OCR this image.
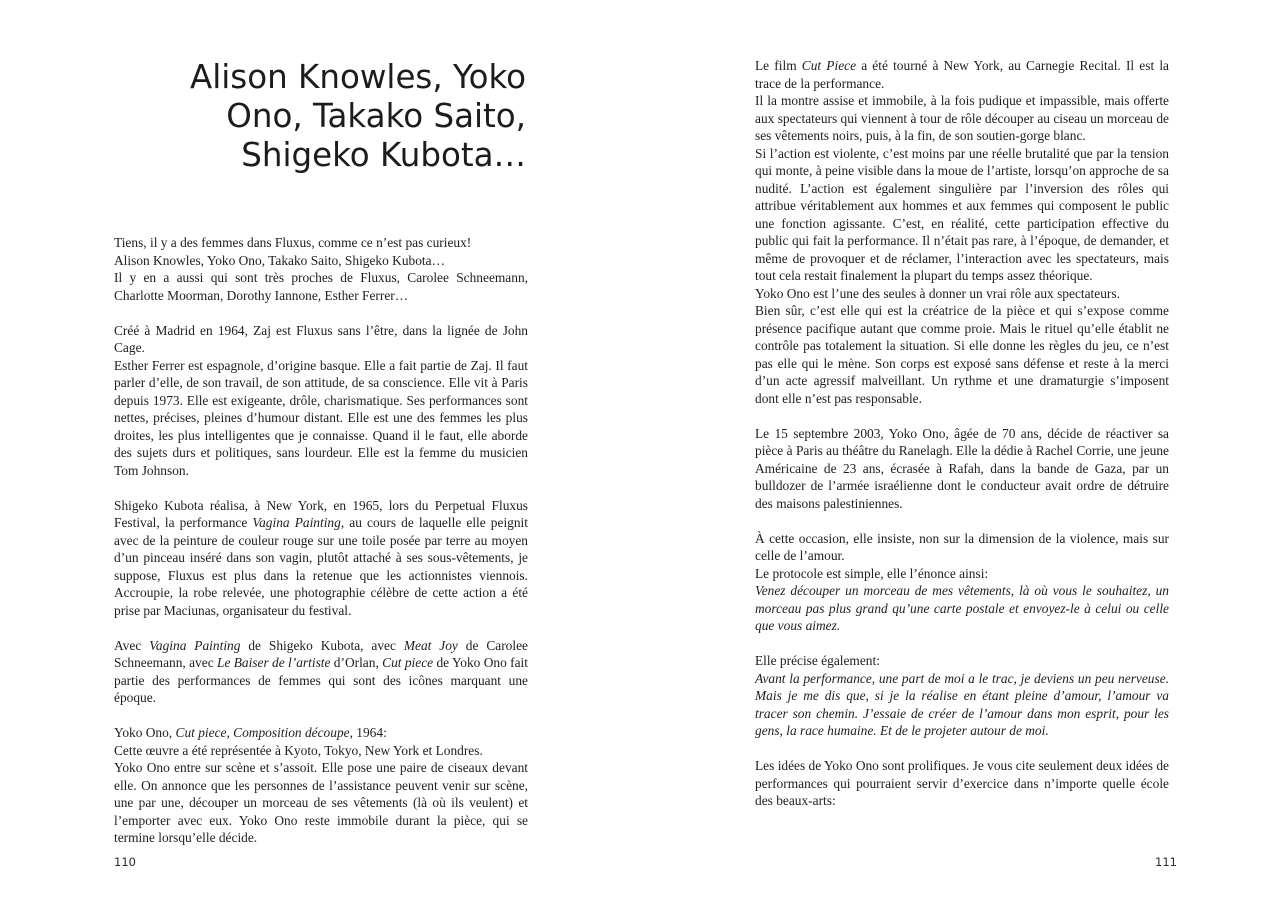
Alison Knowles, Yoko
Ono, Takako Saito,
Shigeko Kubota…

Tiens, il y a des femmes dans Fluxus, comme ce n’est pas curieux!
Alison Knowles, Yoko Ono, Takako Saito, Shigeko Kubota…
Il y en a aussi qui sont très proches de Fluxus, Carolee Schneemann, Charlotte Moorman, Dorothy Iannone, Esther Ferrer…

Créé à Madrid en 1964, Zaj est Fluxus sans l’être, dans la lignée de John Cage.
Esther Ferrer est espagnole, d’origine basque. Elle a fait partie de Zaj. Il faut parler d’elle, de son travail, de son attitude, de sa conscience. Elle vit à Paris depuis 1973. Elle est exigeante, drôle, charismatique. Ses performances sont nettes, précises, pleines d’humour distant. Elle est une des femmes les plus droites, les plus intelligentes que je connaisse. Quand il le faut, elle aborde des sujets durs et politiques, sans lourdeur. Elle est la femme du musicien Tom Johnson.

Shigeko Kubota réalisa, à New York, en 1965, lors du Perpetual Fluxus Festival, la performance Vagina Painting, au cours de laquelle elle peignit avec de la peinture de couleur rouge sur une toile posée par terre au moyen d’un pinceau inséré dans son vagin, plutôt attaché à ses sous-vêtements, je suppose, Fluxus est plus dans la retenue que les actionnistes viennois. Accroupie, la robe relevée, une photographie célèbre de cette action a été prise par Maciunas, organisateur du festival.

Avec Vagina Painting de Shigeko Kubota, avec Meat Joy de Carolee Schneemann, avec Le Baiser de l’artiste d’Orlan, Cut piece de Yoko Ono fait partie des performances de femmes qui sont des icônes marquant une époque.

Yoko Ono, Cut piece, Composition découpe, 1964:
Cette œuvre a été représentée à Kyoto, Tokyo, New York et Londres.
Yoko Ono entre sur scène et s’assoit. Elle pose une paire de ciseaux devant elle. On annonce que les personnes de l’assistance peuvent venir sur scène, une par une, découper un morceau de ses vêtements (là où ils veulent) et l’emporter avec eux. Yoko Ono reste immobile durant la pièce, qui se termine lorsqu’elle décide.

110

Le film Cut Piece a été tourné à New York, au Carnegie Recital. Il est la trace de la performance.
Il la montre assise et immobile, à la fois pudique et impassible, mais offerte aux spectateurs qui viennent à tour de rôle découper au ciseau un morceau de ses vêtements noirs, puis, à la fin, de son soutien-gorge blanc.
Si l’action est violente, c’est moins par une réelle brutalité que par la tension qui monte, à peine visible dans la moue de l’artiste, lorsqu’on approche de sa nudité. L’action est également singulière par l’inversion des rôles qui attribue véritablement aux hommes et aux femmes qui composent le public une fonction agissante. C’est, en réalité, cette participation effective du public qui fait la performance. Il n’était pas rare, à l’époque, de demander, et même de provoquer et de réclamer, l’interaction avec les spectateurs, mais tout cela restait finalement la plupart du temps assez théorique.
Yoko Ono est l’une des seules à donner un vrai rôle aux spectateurs.
Bien sûr, c’est elle qui est la créatrice de la pièce et qui s’expose comme présence pacifique autant que comme proie. Mais le rituel qu’elle établit ne contrôle pas totalement la situation. Si elle donne les règles du jeu, ce n’est pas elle qui le mène. Son corps est exposé sans défense et reste à la merci d’un acte agressif malveillant. Un rythme et une dramaturgie s’imposent dont elle n’est pas responsable.

Le 15 septembre 2003, Yoko Ono, âgée de 70 ans, décide de réactiver sa pièce à Paris au théâtre du Ranelagh. Elle la dédie à Rachel Corrie, une jeune Américaine de 23 ans, écrasée à Rafah, dans la bande de Gaza, par un bulldozer de l’armée israélienne dont le conducteur avait ordre de détruire des maisons palestiniennes.

À cette occasion, elle insiste, non sur la dimension de la violence, mais sur celle de l’amour.
Le protocole est simple, elle l’énonce ainsi:
Venez découper un morceau de mes vêtements, là où vous le souhaitez, un morceau pas plus grand qu’une carte postale et envoyez-le à celui ou celle que vous aimez.

Elle précise également:
Avant la performance, une part de moi a le trac, je deviens un peu nerveuse. Mais je me dis que, si je la réalise en étant pleine d’amour, l’amour va tracer son chemin. J’essaie de créer de l’amour dans mon esprit, pour les gens, la race humaine. Et de le projeter autour de moi.

Les idées de Yoko Ono sont prolifiques. Je vous cite seulement deux idées de performances qui pourraient servir d’exercice dans n’importe quelle école des beaux-arts:

111
